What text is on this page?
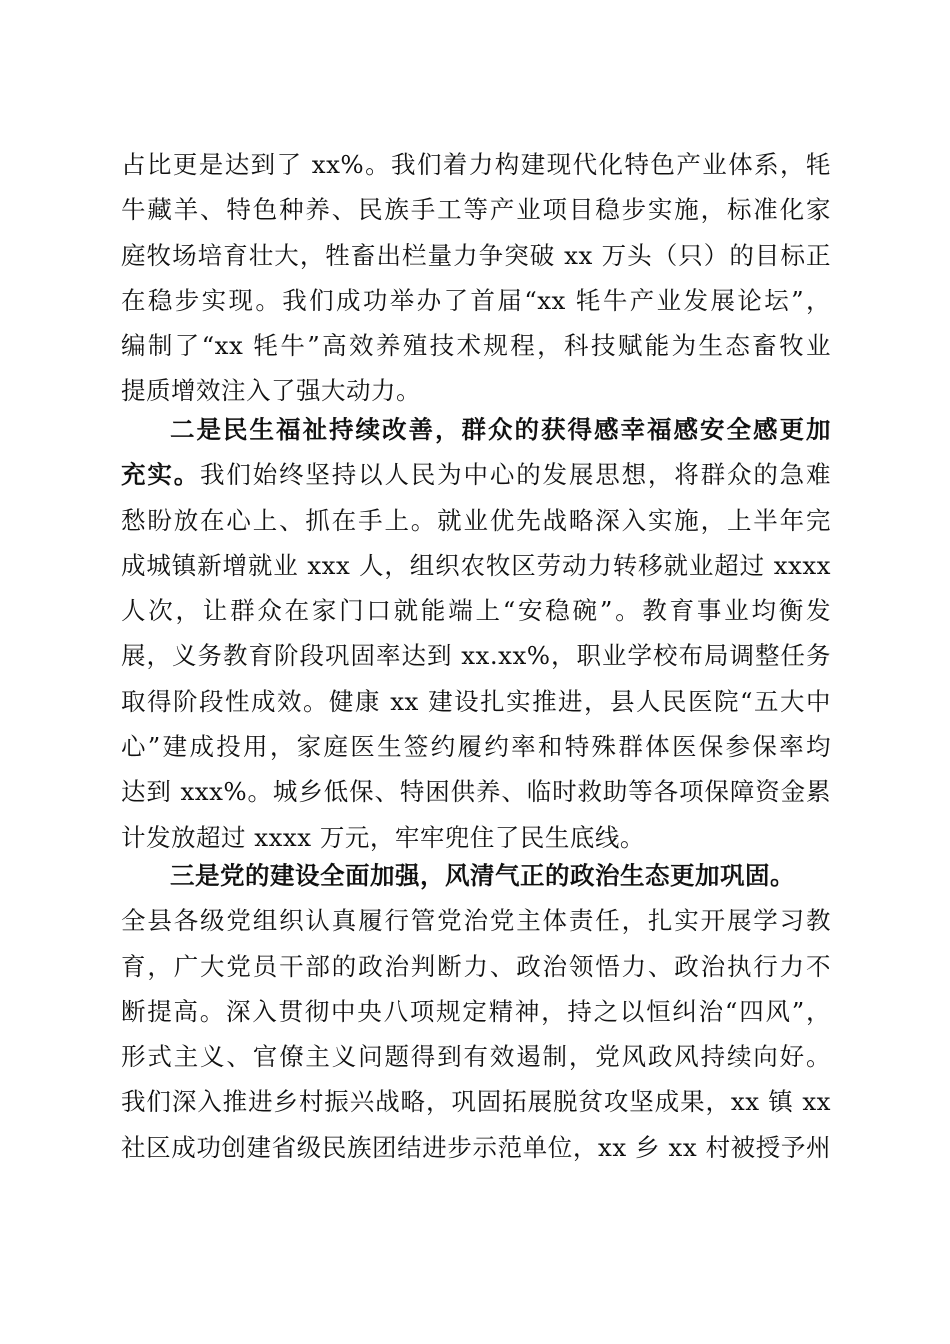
占比更是达到了 xx%。我们着力构建现代化特色产业体系，牦
牛藏羊、特色种养、民族手工等产业项目稳步实施，标准化家
庭牧场培育壮大，牲畜出栏量力争突破 xx 万头（只）的目标正
在稳步实现。我们成功举办了首届“xx 牦牛产业发展论坛”，
编制了“xx 牦牛”高效养殖技术规程，科技赋能为生态畜牧业
提质增效注入了强大动力。
二是民生福祉持续改善，群众的获得感幸福感安全感更加
充实。我们始终坚持以人民为中心的发展思想，将群众的急难
愁盼放在心上、抓在手上。就业优先战略深入实施，上半年完
成城镇新增就业 xxx 人，组织农牧区劳动力转移就业超过 xxxx
人次，让群众在家门口就能端上“安稳碗”。教育事业均衡发
展，义务教育阶段巩固率达到 xx.xx%，职业学校布局调整任务
取得阶段性成效。健康 xx 建设扎实推进，县人民医院“五大中
心”建成投用，家庭医生签约履约率和特殊群体医保参保率均
达到 xxx%。城乡低保、特困供养、临时救助等各项保障资金累
计发放超过 xxxx 万元，牢牢兜住了民生底线。
三是党的建设全面加强，风清气正的政治生态更加巩固。
全县各级党组织认真履行管党治党主体责任，扎实开展学习教
育，广大党员干部的政治判断力、政治领悟力、政治执行力不
断提高。深入贯彻中央八项规定精神，持之以恒纠治“四风”，
形式主义、官僚主义问题得到有效遏制，党风政风持续向好。
我们深入推进乡村振兴战略，巩固拓展脱贫攻坚成果，xx 镇 xx
社区成功创建省级民族团结进步示范单位，xx 乡 xx 村被授予州
